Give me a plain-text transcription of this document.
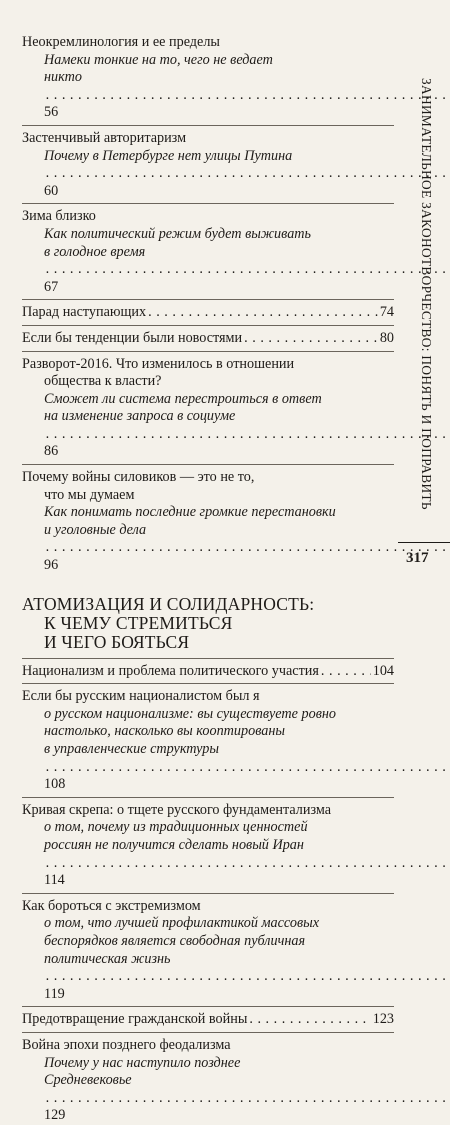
Неокремлинология и ее пределы
Намеки тонкие на то, чего не ведает
никто . . . 56
Застенчивый авторитаризм
Почему в Петербурге нет улицы Путина . . . 60
Зима близко
Как политический режим будет выживать
в голодное время . . . 67
Парад наступающих . . .	74
Если бы тенденции были новостями . . .	80
Разворот-2016. Что изменилось в отношении
общества к власти?
Сможет ли система перестроиться в ответ
на изменение запроса в социуме . . . 86
Почему войны силовиков — это не то,
что мы думаем
Как понимать последние громкие перестановки
и уголовные дела . . . 96
АТОМИЗАЦИЯ И СОЛИДАРНОСТЬ:
К ЧЕМУ СТРЕМИТЬСЯ
И ЧЕГО БОЯТЬСЯ
Национализм и проблема политического участия . . .	104
Если бы русским националистом был я
о русском национализме: вы существуете ровно
настолько, насколько вы кооптированы
в управленческие структуры . . . 108
Кривая скрепа: о тщете русского фундаментализма
о том, почему из традиционных ценностей
россиян не получится сделать новый Иран . . . 114
Как бороться с экстремизмом
о том, что лучшей профилактикой массовых
беспорядков является свободная публичная
политическая жизнь . . . 119
Предотвращение гражданской войны . . .	123
Война эпохи позднего феодализма
Почему у нас наступило позднее
Средневековье . . . 129
ЗАНИМАТЕЛЬНОЕ ЗАКОНОТВОРЧЕСТВО: ПОНЯТЬ И ПОПРАВИТЬ
317
